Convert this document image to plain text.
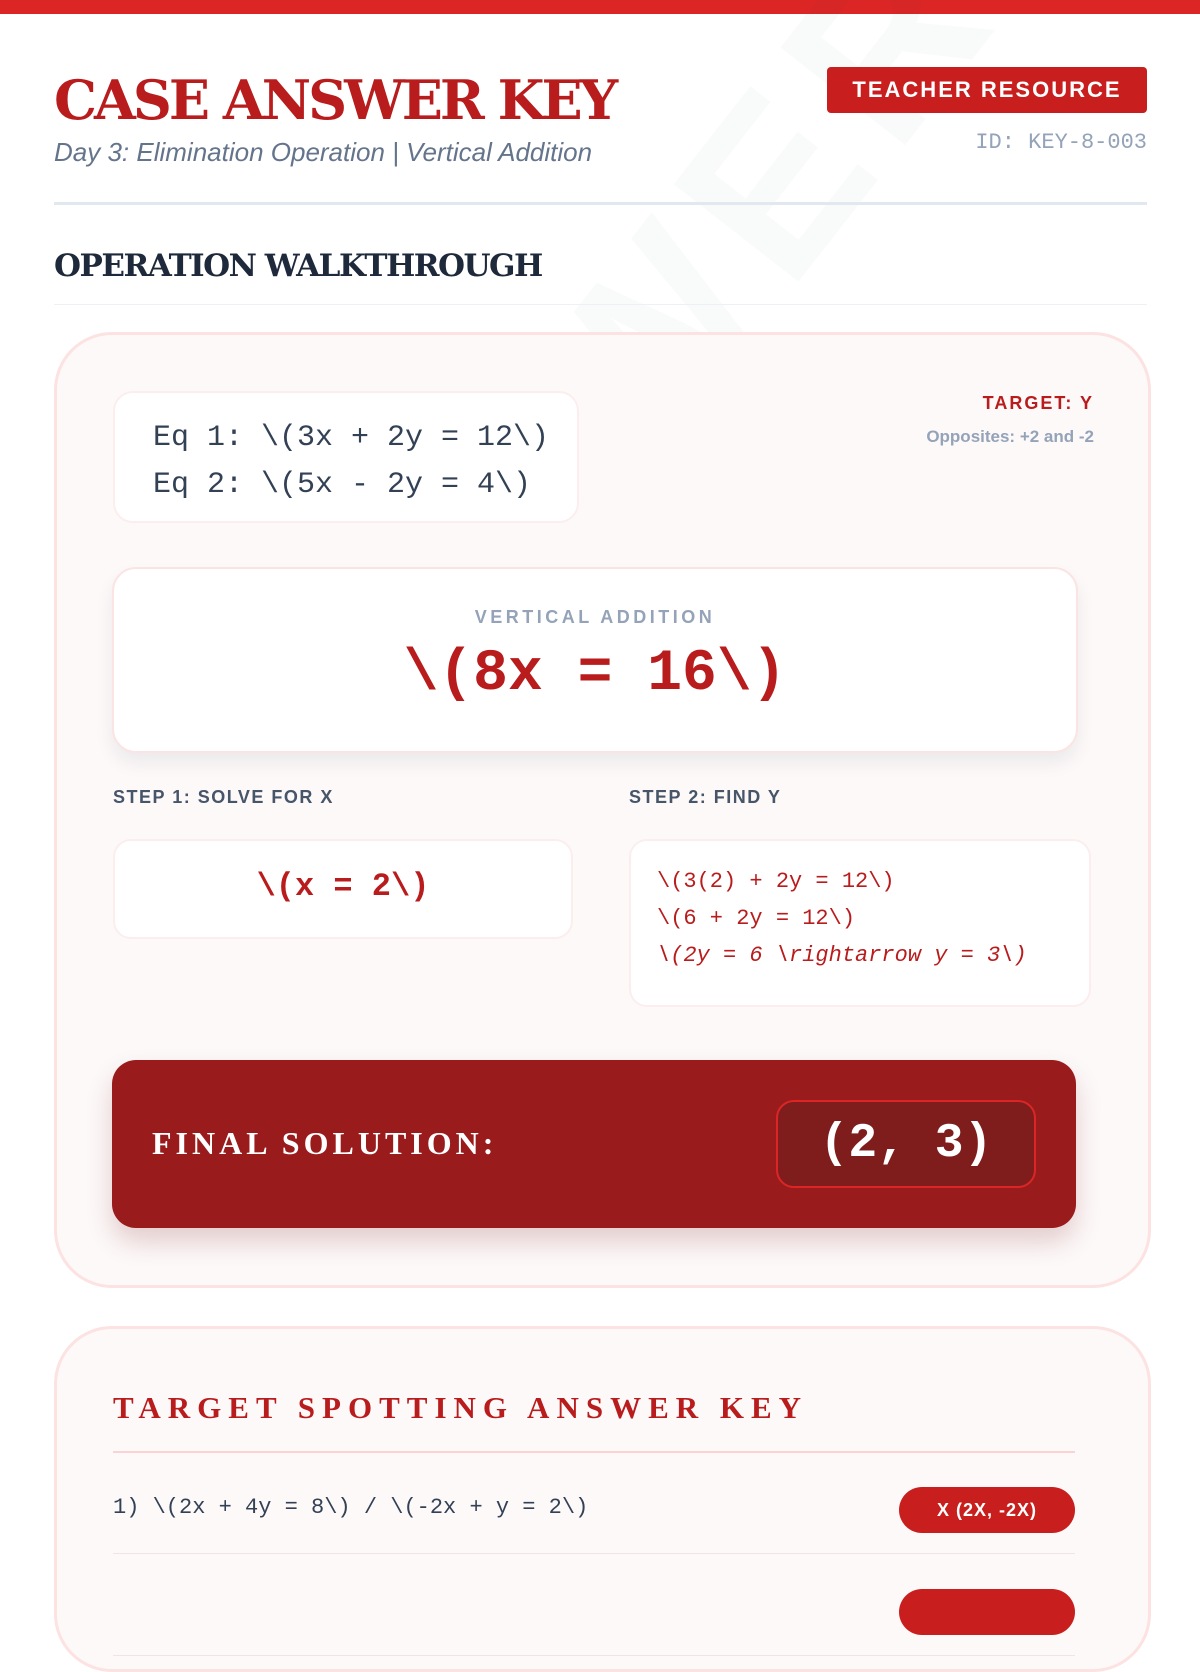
CASE ANSWER KEY
Day 3: Elimination Operation | Vertical Addition
TEACHER RESOURCE
ID: KEY-8-003
OPERATION WALKTHROUGH
Eq 1: \(3x + 2y = 12\)
Eq 2: \(5x - 2y = 4\)
TARGET: Y
Opposites: +2 and -2
VERTICAL ADDITION
\(8x = 16\)
STEP 1: SOLVE FOR X	STEP 2: FIND Y
\(x = 2\)	\(3(2) + 2y = 12\)
\(6 + 2y = 12\)
\(2y = 6 \rightarrow y = 3\)
FINAL SOLUTION:	(2, 3)
TARGET SPOTTING ANSWER KEY
1) \(2x + 4y = 8\) / \(-2x + y = 2\)	X (2X, -2X)
